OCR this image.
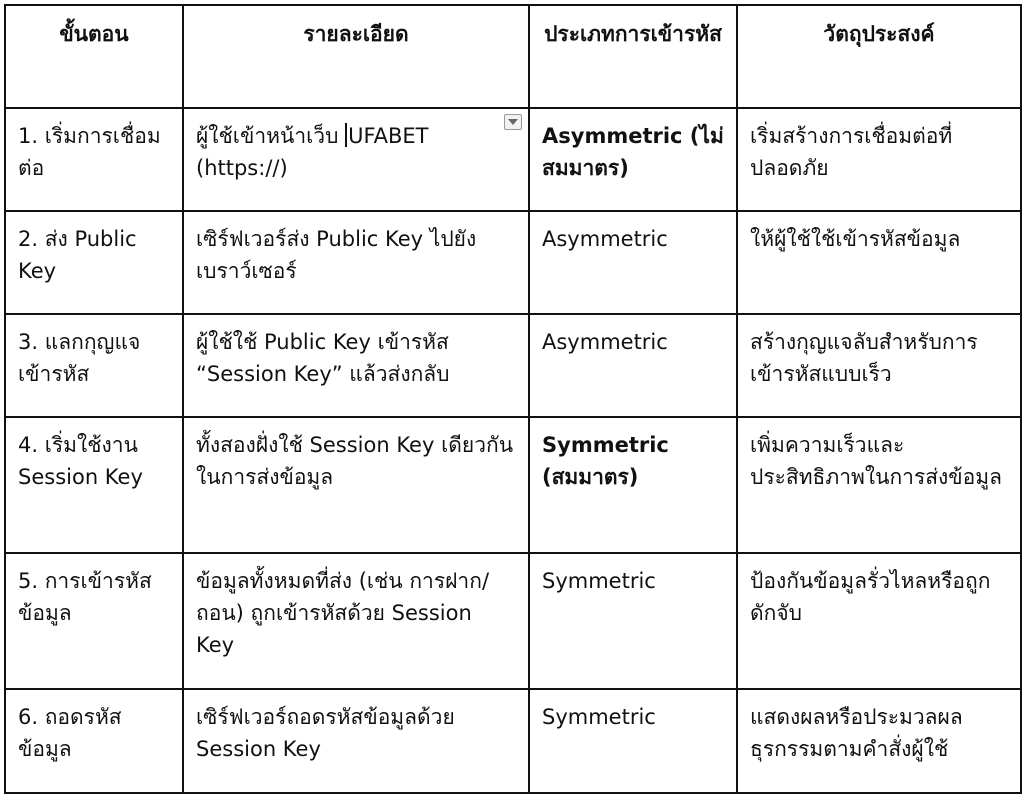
ขั้นตอน	รายละเอียด	ประเภทการเข้ารหัส	วัตถุประสงค์
1. เริ่มการเชื่อมต่อ	ผู้ใช้เข้าหน้าเว็บ UFABET (https://)	Asymmetric (ไม่สมมาตร)	เริ่มสร้างการเชื่อมต่อที่ปลอดภัย
2. ส่ง Public Key	เซิร์ฟเวอร์ส่ง Public Key ไปยังเบราว์เซอร์	Asymmetric	ให้ผู้ใช้ใช้เข้ารหัสข้อมูล
3. แลกกุญแจเข้ารหัส	ผู้ใช้ใช้ Public Key เข้ารหัส “Session Key” แล้วส่งกลับ	Asymmetric	สร้างกุญแจลับสำหรับการเข้ารหัสแบบเร็ว
4. เริ่มใช้งาน Session Key	ทั้งสองฝั่งใช้ Session Key เดียวกันในการส่งข้อมูล	Symmetric (สมมาตร)	เพิ่มความเร็วและประสิทธิภาพในการส่งข้อมูล
5. การเข้ารหัสข้อมูล	ข้อมูลทั้งหมดที่ส่ง (เช่น การฝาก/ถอน) ถูกเข้ารหัสด้วย Session Key	Symmetric	ป้องกันข้อมูลรั่วไหลหรือถูกดักจับ
6. ถอดรหัสข้อมูล	เซิร์ฟเวอร์ถอดรหัสข้อมูลด้วย Session Key	Symmetric	แสดงผลหรือประมวลผลธุรกรรมตามคำสั่งผู้ใช้
